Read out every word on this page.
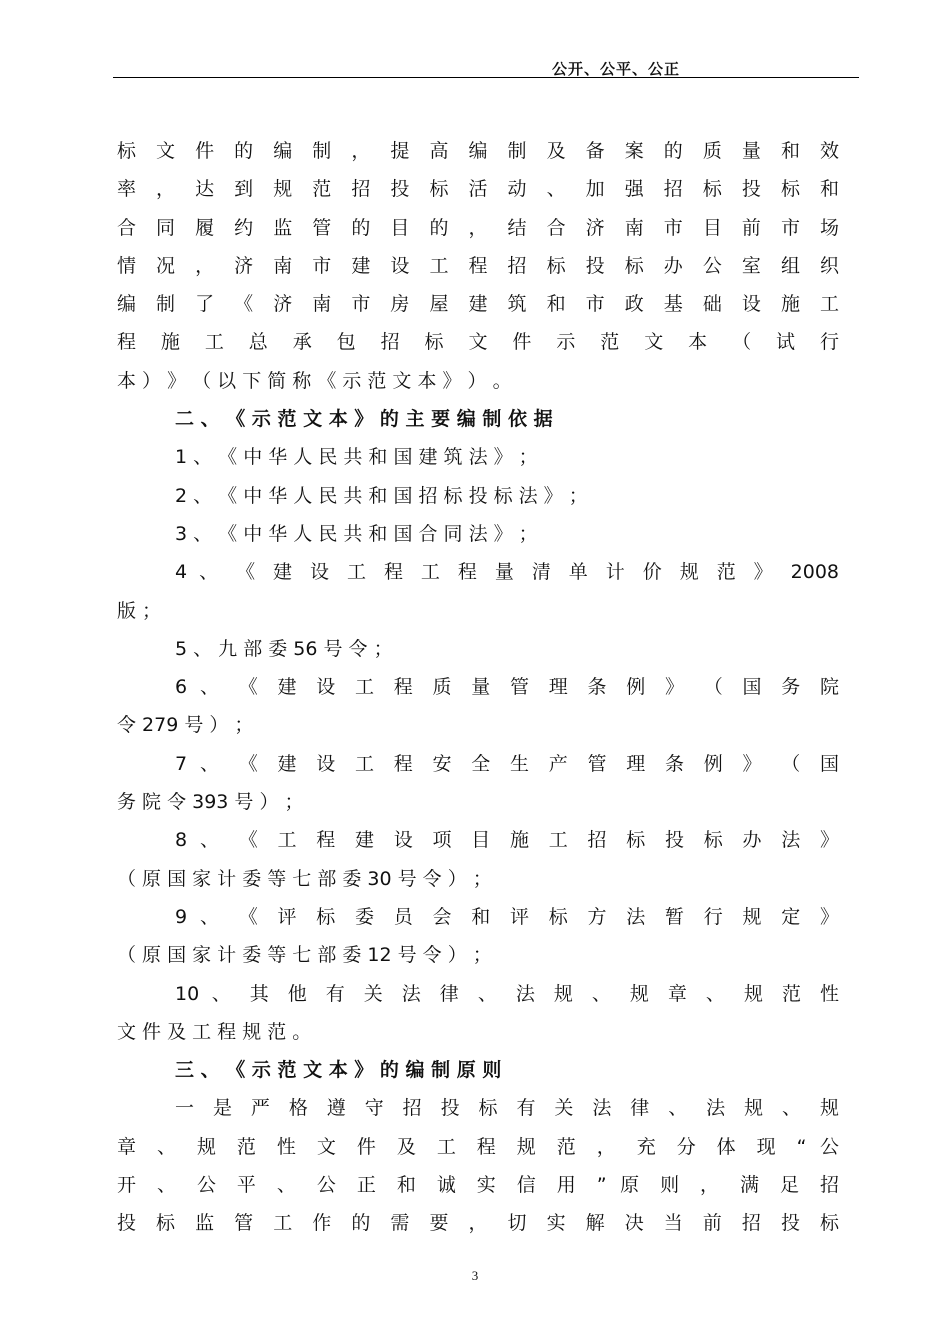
公开、公平、公正
标 文 件 的 编 制 ， 提 高 编 制 及 备 案 的 质 量 和 效
率 ， 达 到 规 范 招 投 标 活 动 、 加 强 招 标 投 标 和
合 同 履 约 监 管 的 目 的 ， 结 合 济 南 市 目 前 市 场
情 况 ， 济 南 市 建 设 工 程 招 标 投 标 办 公 室 组 织
编 制 了 《 济 南 市 房 屋 建 筑 和 市 政 基 础 设 施 工
程 施 工 总 承 包 招 标 文 件 示 范 文 本 （ 试 行
本 ） 》 （ 以 下 简 称 《 示 范 文 本 》 ） 。
二 、 《 示 范 文 本 》 的 主 要 编 制 依 据
1 、 《 中 华 人 民 共 和 国 建 筑 法 》 ；
2 、 《 中 华 人 民 共 和 国 招 标 投 标 法 》 ；
3 、 《 中 华 人 民 共 和 国 合 同 法 》 ；
4 、 《 建 设 工 程 工 程 量 清 单 计 价 规 范 》 2008
版 ；
5 、 九 部 委 56 号 令 ；
6 、 《 建 设 工 程 质 量 管 理 条 例 》 （ 国 务 院
令 279 号 ） ；
7 、 《 建 设 工 程 安 全 生 产 管 理 条 例 》 （ 国
务 院 令 393 号 ） ；
8 、 《 工 程 建 设 项 目 施 工 招 标 投 标 办 法 》
（ 原 国 家 计 委 等 七 部 委 30 号 令 ） ；
9 、 《 评 标 委 员 会 和 评 标 方 法 暂 行 规 定 》
（ 原 国 家 计 委 等 七 部 委 12 号 令 ） ；
10 、 其 他 有 关 法 律 、 法 规 、 规 章 、 规 范 性
文 件 及 工 程 规 范 。
三 、 《 示 范 文 本 》 的 编 制 原 则
一 是 严 格 遵 守 招 投 标 有 关 法 律 、 法 规 、 规
章 、 规 范 性 文 件 及 工 程 规 范 ， 充 分 体 现 “ 公
开 、 公 平 、 公 正 和 诚 实 信 用 ” 原 则 ， 满 足 招
投 标 监 管 工 作 的 需 要 ， 切 实 解 决 当 前 招 投 标
3
